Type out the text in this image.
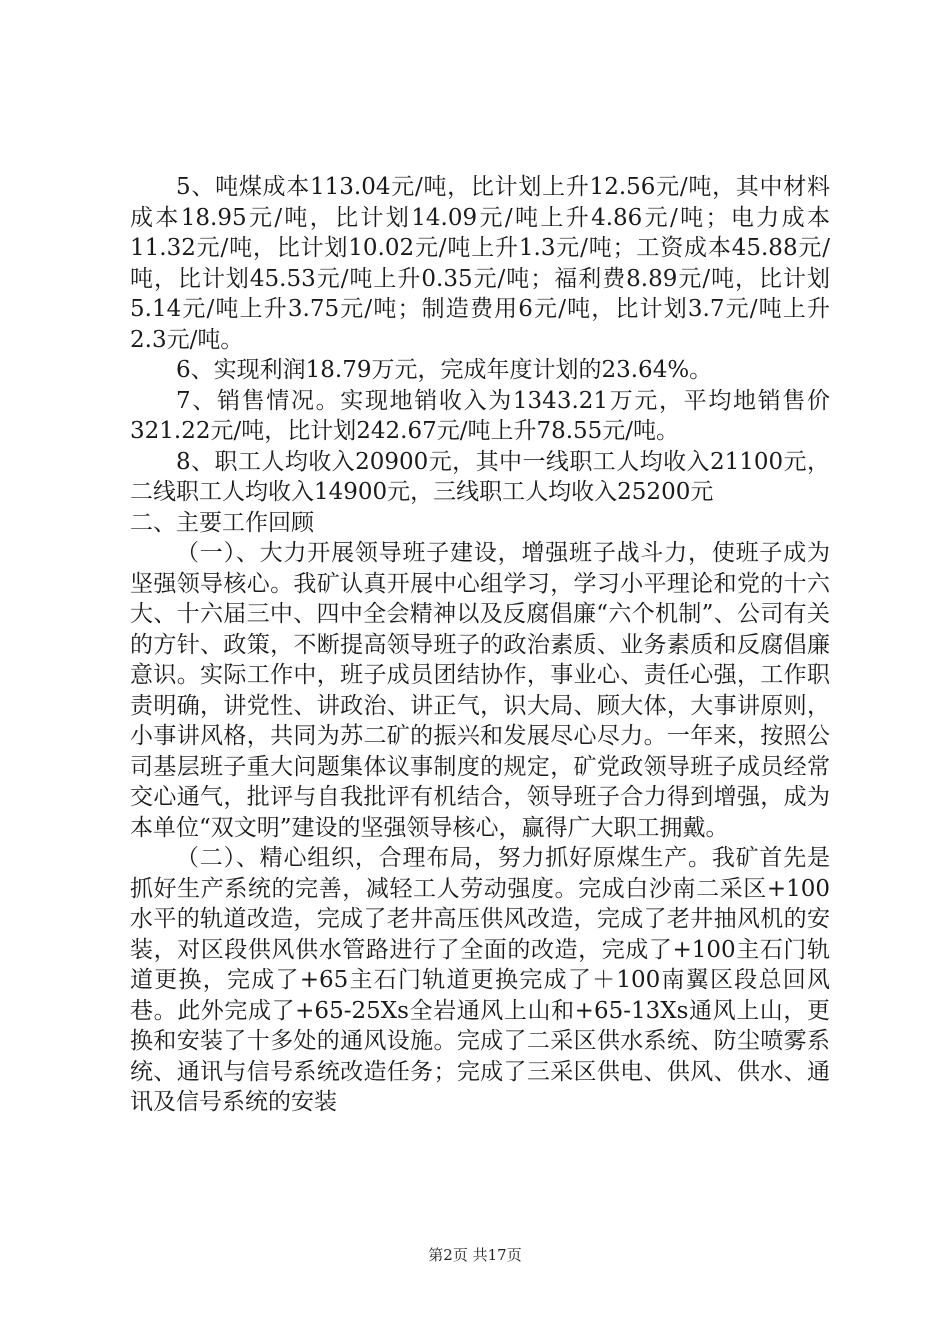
5、吨煤成本113.04元/吨，比计划上升12.56元/吨，其中材料成本18.95元/吨，比计划14.09元/吨上升4.86元/吨；电力成本11.32元/吨，比计划10.02元/吨上升1.3元/吨；工资成本45.88元/吨，比计划45.53元/吨上升0.35元/吨；福利费8.89元/吨，比计划5.14元/吨上升3.75元/吨；制造费用6元/吨，比计划3.7元/吨上升2.3元/吨。

6、实现利润18.79万元，完成年度计划的23.64%。

7、销售情况。实现地销收入为1343.21万元，平均地销售价321.22元/吨，比计划242.67元/吨上升78.55元/吨。

8、职工人均收入20900元，其中一线职工人均收入21100元，二线职工人均收入14900元，三线职工人均收入25200元

二、主要工作回顾

（一）、大力开展领导班子建设，增强班子战斗力，使班子成为坚强领导核心。我矿认真开展中心组学习，学习小平理论和党的十六大、十六届三中、四中全会精神以及反腐倡廉“六个机制”、公司有关的方针、政策，不断提高领导班子的政治素质、业务素质和反腐倡廉意识。实际工作中，班子成员团结协作，事业心、责任心强，工作职责明确，讲党性、讲政治、讲正气，识大局、顾大体，大事讲原则，小事讲风格，共同为苏二矿的振兴和发展尽心尽力。一年来，按照公司基层班子重大问题集体议事制度的规定，矿党政领导班子成员经常交心通气，批评与自我批评有机结合，领导班子合力得到增强，成为本单位“双文明”建设的坚强领导核心，赢得广大职工拥戴。

（二）、精心组织，合理布局，努力抓好原煤生产。我矿首先是抓好生产系统的完善，减轻工人劳动强度。完成白沙南二采区+100水平的轨道改造，完成了老井高压供风改造，完成了老井抽风机的安装，对区段供风供水管路进行了全面的改造，完成了+100主石门轨道更换，完成了+65主石门轨道更换完成了＋100南翼区段总回风巷。此外完成了+65-25Xs全岩通风上山和+65-13Xs通风上山，更换和安装了十多处的通风设施。完成了二采区供水系统、防尘喷雾系统、通讯与信号系统改造任务；完成了三采区供电、供风、供水、通讯及信号系统的安装

第2页 共17页
